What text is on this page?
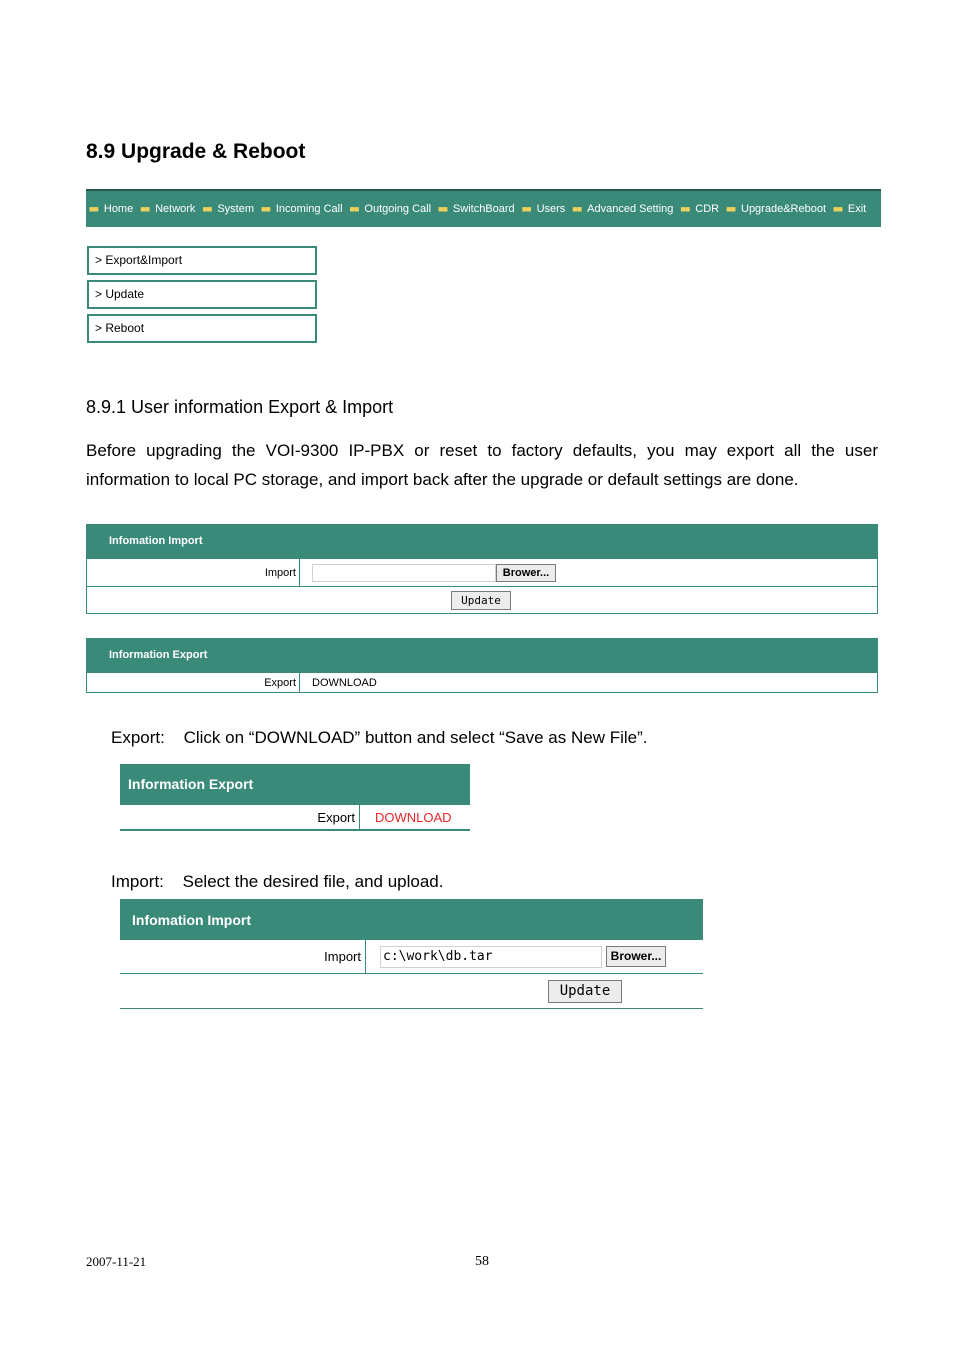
8.9 Upgrade & Reboot
■■ Home ■■ Network ■■ System ■■ Incoming Call ■■ Outgoing Call ■■ SwitchBoard ■■ Users ■■ Advanced Setting ■■ CDR ■■ Upgrade&Reboot ■■ Exit
> Export&Import
> Update
> Reboot
8.9.1 User information Export & Import
Before upgrading the VOI-9300 IP-PBX or reset to factory defaults, you may export all the user
information to local PC storage, and import back after the upgrade or default settings are done.
Infomation Import
Import	Brower...
Update
Information Export
Export	DOWNLOAD
Export: Click on “DOWNLOAD” button and select “Save as New File”.
Information Export
Export	DOWNLOAD
Import: Select the desired file, and upload.
Infomation Import
Import	c:\work\db.tar	Brower...
Update
2007-11-21	58
